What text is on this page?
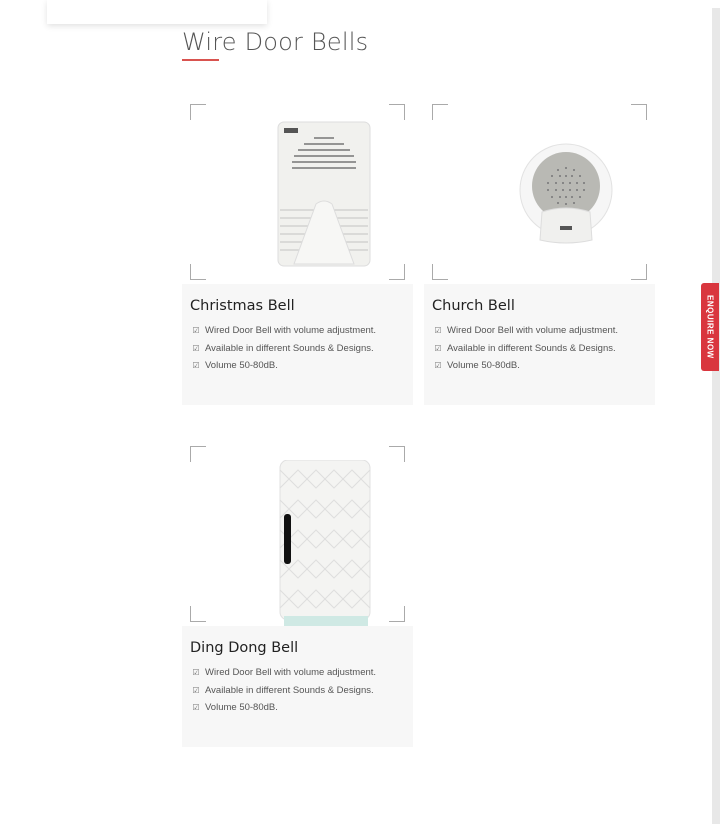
Wire Door Bells
Christmas Bell
☑ Wired Door Bell with volume adjustment.
☑ Available in different Sounds & Designs.
☑ Volume 50-80dB.
Church Bell
☑ Wired Door Bell with volume adjustment.
☑ Available in different Sounds & Designs.
☑ Volume 50-80dB.
Ding Dong Bell
☑ Wired Door Bell with volume adjustment.
☑ Available in different Sounds & Designs.
☑ Volume 50-80dB.
ENQUIRE NOW
